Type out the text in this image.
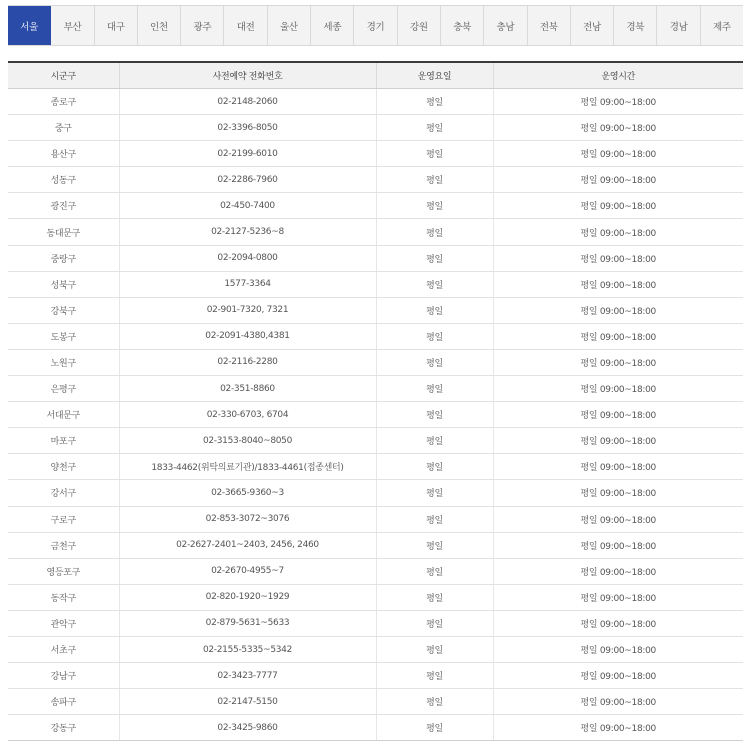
서울	부산	대구	인천	광주	대전	울산	세종	경기	강원	충북	충남	전북	전남	경북	경남	제주
시군구	사전예약 전화번호	운영요일	운영시간
종로구	02-2148-2060	평일	평일 09:00~18:00
중구	02-3396-8050	평일	평일 09:00~18:00
용산구	02-2199-6010	평일	평일 09:00~18:00
성동구	02-2286-7960	평일	평일 09:00~18:00
광진구	02-450-7400	평일	평일 09:00~18:00
동대문구	02-2127-5236~8	평일	평일 09:00~18:00
중랑구	02-2094-0800	평일	평일 09:00~18:00
성북구	1577-3364	평일	평일 09:00~18:00
강북구	02-901-7320, 7321	평일	평일 09:00~18:00
도봉구	02-2091-4380,4381	평일	평일 09:00~18:00
노원구	02-2116-2280	평일	평일 09:00~18:00
은평구	02-351-8860	평일	평일 09:00~18:00
서대문구	02-330-6703, 6704	평일	평일 09:00~18:00
마포구	02-3153-8040~8050	평일	평일 09:00~18:00
양천구	1833-4462(위탁의료기관)/1833-4461(접종센터)	평일	평일 09:00~18:00
강서구	02-3665-9360~3	평일	평일 09:00~18:00
구로구	02-853-3072~3076	평일	평일 09:00~18:00
금천구	02-2627-2401~2403, 2456, 2460	평일	평일 09:00~18:00
영등포구	02-2670-4955~7	평일	평일 09:00~18:00
동작구	02-820-1920~1929	평일	평일 09:00~18:00
관악구	02-879-5631~5633	평일	평일 09:00~18:00
서초구	02-2155-5335~5342	평일	평일 09:00~18:00
강남구	02-3423-7777	평일	평일 09:00~18:00
송파구	02-2147-5150	평일	평일 09:00~18:00
강동구	02-3425-9860	평일	평일 09:00~18:00
